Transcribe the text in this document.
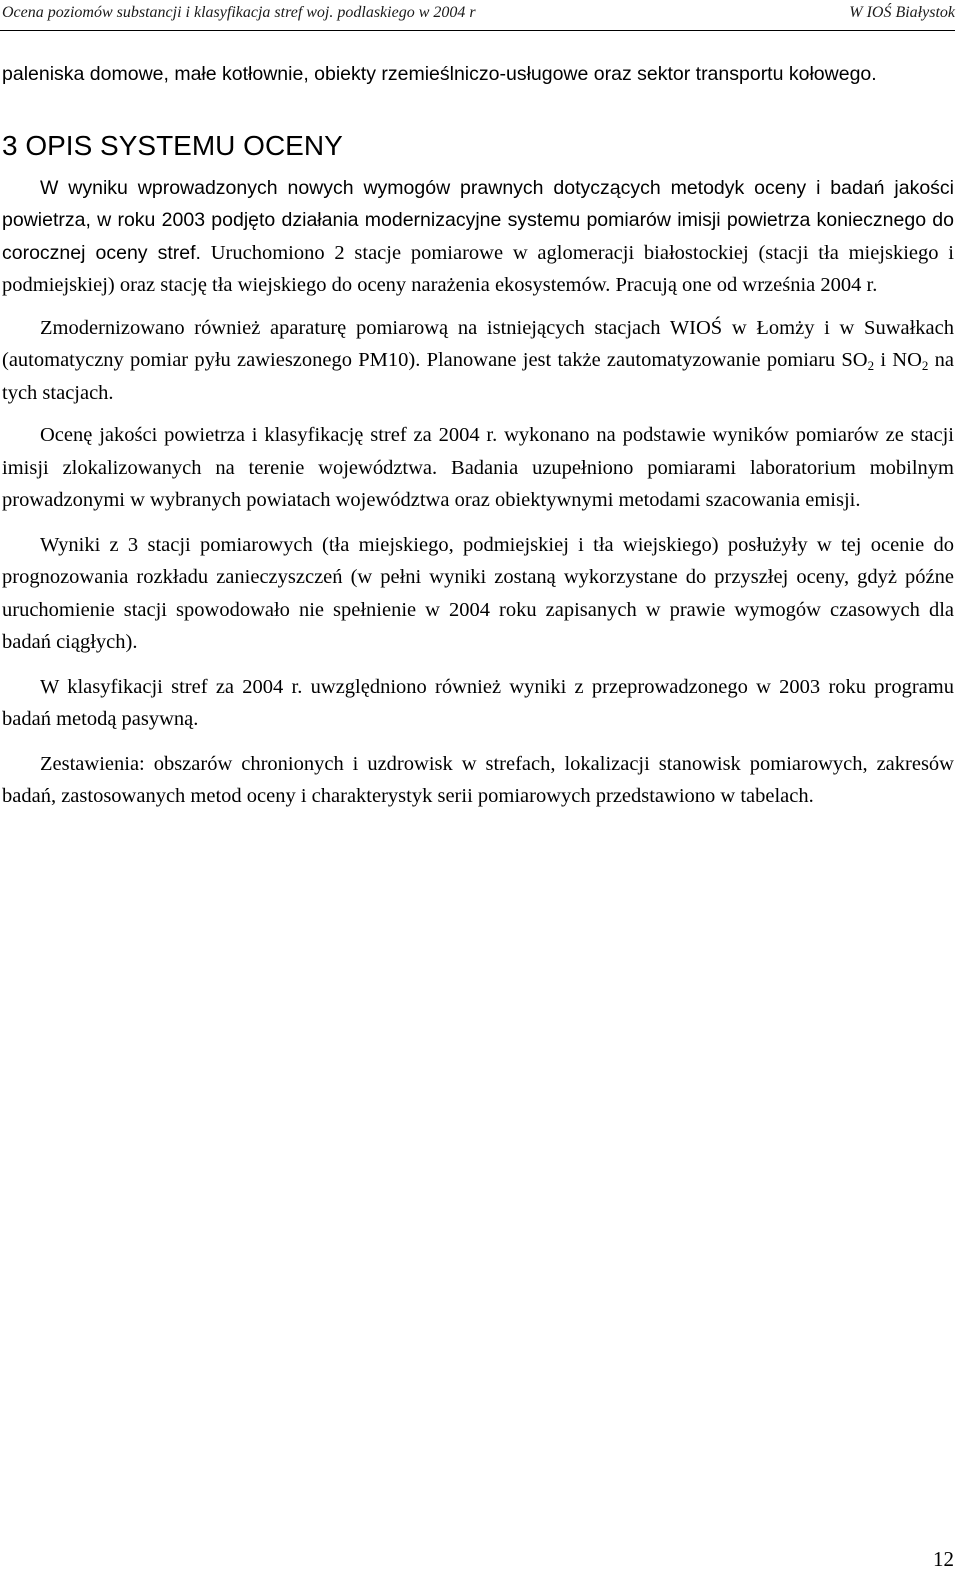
Ocena poziomów substancji i klasyfikacja stref woj. podlaskiego w 2004 r	W IOŚ Białystok

paleniska domowe, małe kotłownie, obiekty rzemieślniczo-usługowe oraz sektor transportu kołowego.

3 OPIS SYSTEMU OCENY

W wyniku wprowadzonych nowych wymogów prawnych dotyczących metodyk oceny i badań jakości powietrza, w roku 2003 podjęto działania modernizacyjne systemu pomiarów imisji powietrza koniecznego do corocznej oceny stref. Uruchomiono 2 stacje pomiarowe w aglomeracji białostockiej (stacji tła miejskiego i podmiejskiej) oraz stację tła wiejskiego do oceny narażenia ekosystemów. Pracują one od września 2004 r.

Zmodernizowano również aparaturę pomiarową na istniejących stacjach WIOŚ w Łomży i w Suwałkach (automatyczny pomiar pyłu zawieszonego PM10). Planowane jest także zautomatyzowanie pomiaru $SO_2$ i $NO_2$ na tych stacjach.

Ocenę jakości powietrza i klasyfikację stref za 2004 r. wykonano na podstawie wyników pomiarów ze stacji imisji zlokalizowanych na terenie województwa. Badania uzupełniono pomiarami laboratorium mobilnym prowadzonymi w wybranych powiatach województwa oraz obiektywnymi metodami szacowania emisji.

Wyniki z 3 stacji pomiarowych (tła miejskiego, podmiejskiej i tła wiejskiego) posłużyły w tej ocenie do prognozowania rozkładu zanieczyszczeń (w pełni wyniki zostaną wykorzystane do przyszłej oceny, gdyż późne uruchomienie stacji spowodowało nie spełnienie w 2004 roku zapisanych w prawie wymogów czasowych dla badań ciągłych).

W klasyfikacji stref za 2004 r. uwzględniono również wyniki z przeprowadzonego w 2003 roku programu badań metodą pasywną.

Zestawienia: obszarów chronionych i uzdrowisk w strefach, lokalizacji stanowisk pomiarowych, zakresów badań, zastosowanych metod oceny i charakterystyk serii pomiarowych przedstawiono w tabelach.

12
